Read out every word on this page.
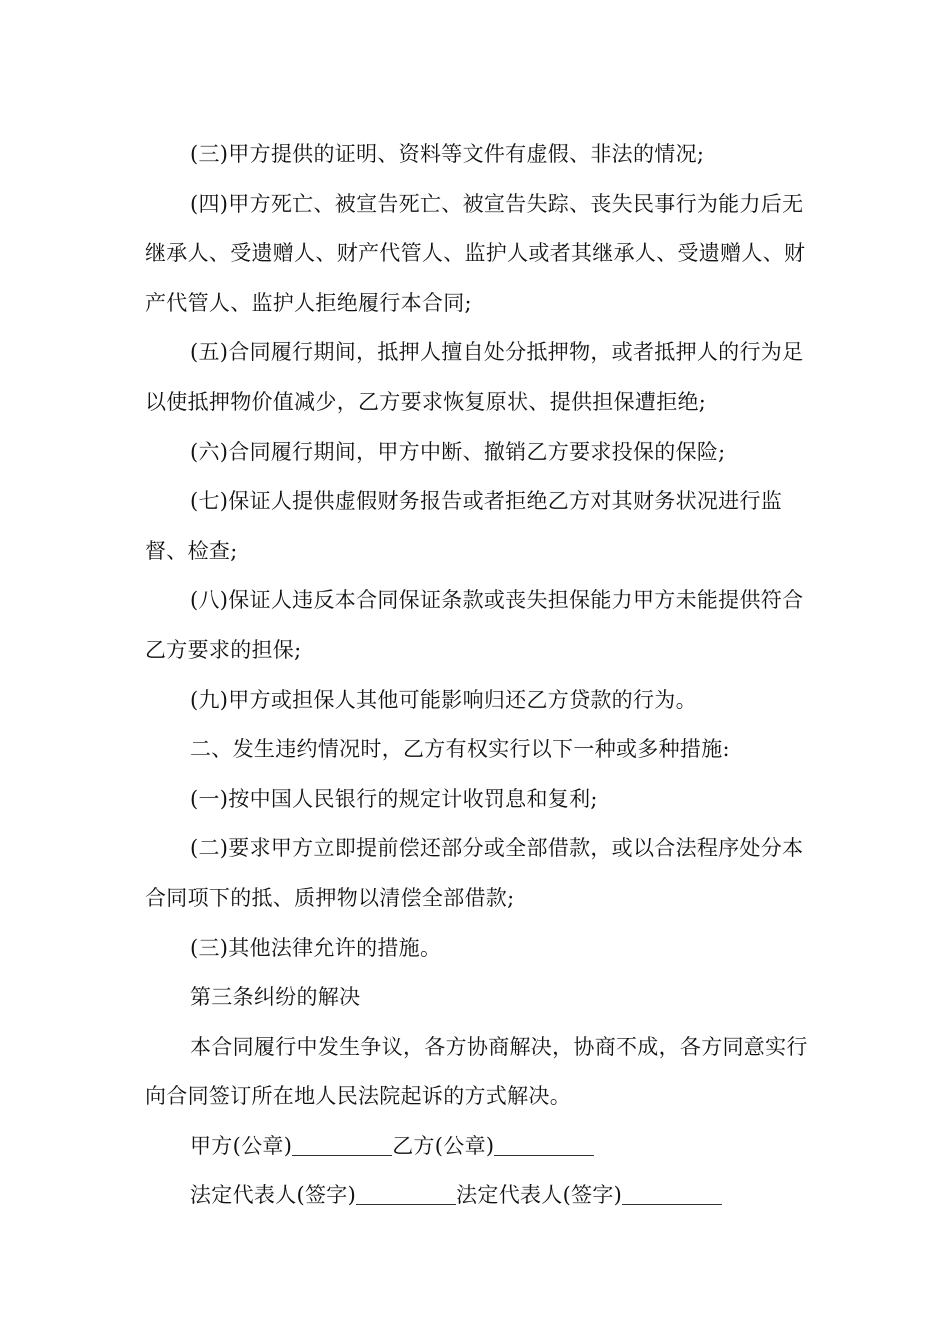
(三)甲方提供的证明、资料等文件有虚假、非法的情况;

(四)甲方死亡、被宣告死亡、被宣告失踪、丧失民事行为能力后无继承人、受遗赠人、财产代管人、监护人或者其继承人、受遗赠人、财产代管人、监护人拒绝履行本合同;

(五)合同履行期间，抵押人擅自处分抵押物，或者抵押人的行为足以使抵押物价值减少，乙方要求恢复原状、提供担保遭拒绝;

(六)合同履行期间，甲方中断、撤销乙方要求投保的保险;

(七)保证人提供虚假财务报告或者拒绝乙方对其财务状况进行监督、检查;

(八)保证人违反本合同保证条款或丧失担保能力甲方未能提供符合乙方要求的担保;

(九)甲方或担保人其他可能影响归还乙方贷款的行为。

二、发生违约情况时，乙方有权实行以下一种或多种措施:

(一)按中国人民银行的规定计收罚息和复利;

(二)要求甲方立即提前偿还部分或全部借款，或以合法程序处分本合同项下的抵、质押物以清偿全部借款;

(三)其他法律允许的措施。

第三条纠纷的解决

本合同履行中发生争议，各方协商解决，协商不成，各方同意实行向合同签订所在地人民法院起诉的方式解决。

甲方(公章)	乙方(公章)

法定代表人(签字)	法定代表人(签字)
